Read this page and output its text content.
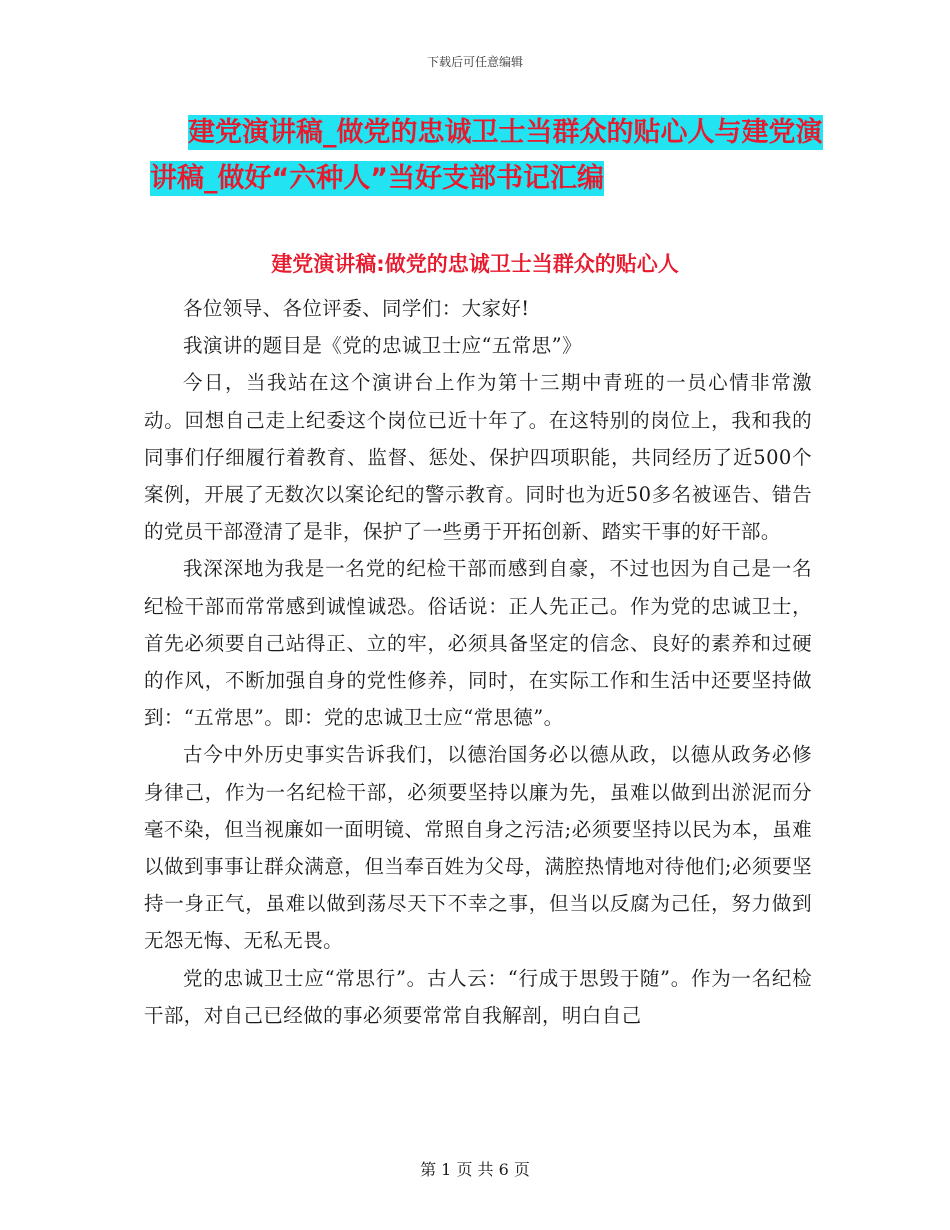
下载后可任意编辑
建党演讲稿_做党的忠诚卫士当群众的贴心人与建党演
讲稿_做好“六种人”当好支部书记汇编
建党演讲稿:做党的忠诚卫士当群众的贴心人

各位领导、各位评委、同学们：大家好!

我演讲的题目是《党的忠诚卫士应“五常思”》

今日，当我站在这个演讲台上作为第十三期中青班的一员心情非常激动。回想自己走上纪委这个岗位已近十年了。在这特别的岗位上，我和我的同事们仔细履行着教育、监督、惩处、保护四项职能，共同经历了近500个案例，开展了无数次以案论纪的警示教育。同时也为近50多名被诬告、错告的党员干部澄清了是非，保护了一些勇于开拓创新、踏实干事的好干部。

我深深地为我是一名党的纪检干部而感到自豪，不过也因为自己是一名纪检干部而常常感到诚惶诚恐。俗话说：正人先正己。作为党的忠诚卫士，首先必须要自己站得正、立的牢，必须具备坚定的信念、良好的素养和过硬的作风，不断加强自身的党性修养，同时，在实际工作和生活中还要坚持做到：“五常思”。即：党的忠诚卫士应“常思德”。

古今中外历史事实告诉我们，以德治国务必以德从政，以德从政务必修身律己，作为一名纪检干部，必须要坚持以廉为先，虽难以做到出淤泥而分毫不染，但当视廉如一面明镜、常照自身之污洁;必须要坚持以民为本，虽难以做到事事让群众满意，但当奉百姓为父母，满腔热情地对待他们;必须要坚持一身正气，虽难以做到荡尽天下不幸之事，但当以反腐为己任，努力做到无怨无悔、无私无畏。

党的忠诚卫士应“常思行”。古人云：“行成于思毁于随”。作为一名纪检干部，对自己已经做的事必须要常常自我解剖，明白自己

第 1 页 共 6 页
